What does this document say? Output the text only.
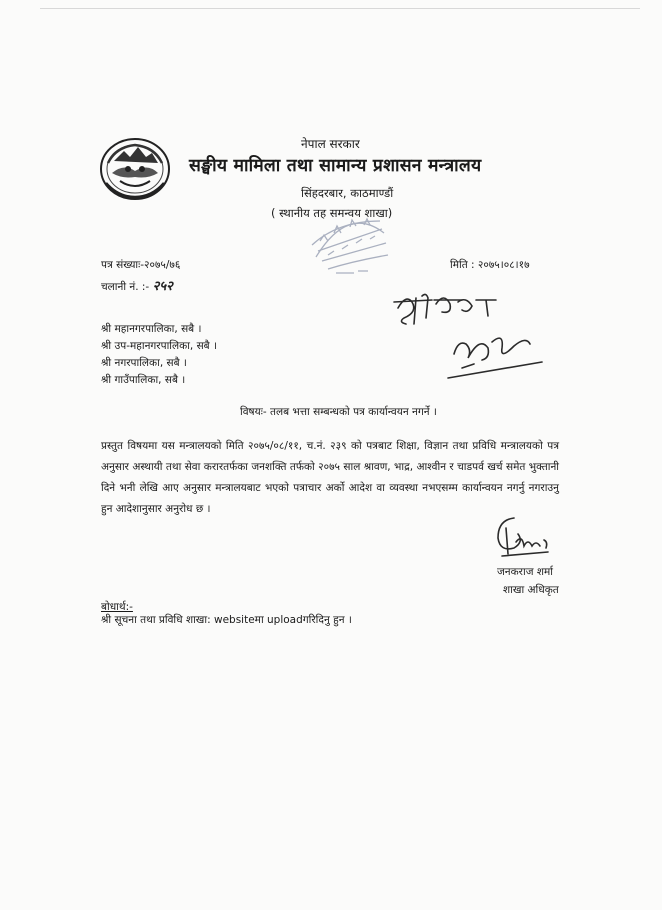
नेपाल सरकार
सङ्घीय मामिला तथा सामान्य प्रशासन मन्त्रालय
सिंहदरबार, काठमाण्डौं
( स्थानीय तह समन्वय शाखा)
पत्र संख्याः-२०७५/७६
चलानी नं. :- २५२
मिति : २०७५।०८।१७
श्री महानगरपालिका, सबै ।
श्री उप-महानगरपालिका, सबै ।
श्री नगरपालिका, सबै ।
श्री गाउँपालिका, सबै ।
विषयः- तलब भत्ता सम्बन्धको पत्र कार्यान्वयन नगर्ने ।
प्रस्तुत विषयमा यस मन्त्रालयको मिति २०७५/०८/११, च.नं. २३९ को पत्रबाट शिक्षा, विज्ञान तथा प्रविधि मन्त्रालयको पत्र अनुसार अस्थायी तथा सेवा करारतर्फका जनशक्ति तर्फको २०७५ साल श्रावण, भाद्र, आश्वीन र चाडपर्व खर्च समेत भुक्तानी दिने भनी लेखि आए अनुसार मन्त्रालयबाट भएको पत्राचार अर्को आदेश वा व्यवस्था नभएसम्म कार्यान्वयन नगर्नु नगराउनु हुन आदेशानुसार अनुरोध छ ।
जनकराज शर्मा
शाखा अधिकृत
बोधार्थ:-
श्री सूचना तथा प्रविधि शाखा: websiteमा uploadगरिदिनु हुन ।
